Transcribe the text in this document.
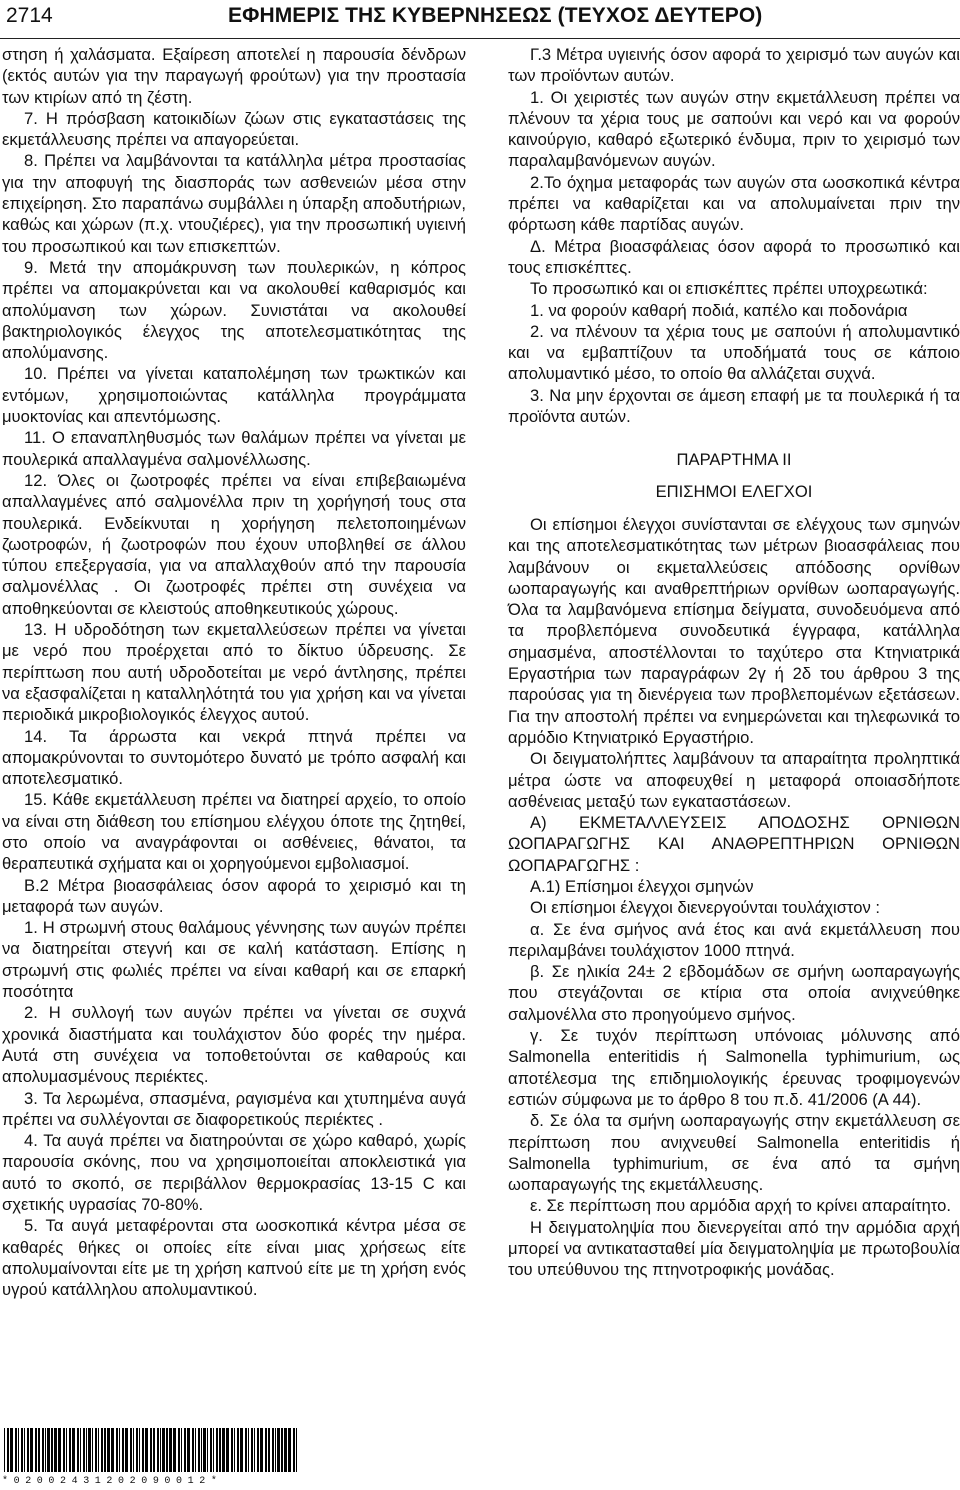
2714	ΕΦΗΜΕΡΙΣ ΤΗΣ ΚΥΒΕΡΝΗΣΕΩΣ (ΤΕΥΧΟΣ ΔΕΥΤΕΡΟ)

στηση ή χαλάσματα. Εξαίρεση αποτελεί η παρουσία δένδρων (εκτός αυτών για την παραγωγή φρούτων) για την προστασία των κτιρίων από τη ζέστη.

7. Η πρόσβαση κατοικιδίων ζώων στις εγκαταστάσεις της εκμετάλλευσης πρέπει να απαγορεύεται.

8. Πρέπει να λαμβάνονται τα κατάλληλα μέτρα προστασίας για την αποφυγή της διασποράς των ασθενειών μέσα στην επιχείρηση. Στο παραπάνω συμβάλλει η ύπαρξη αποδυτήριων, καθώς και χώρων (π.χ. ντουζιέρες), για την προσωπική υγιεινή του προσωπικού και των επισκεπτών.

9. Μετά την απομάκρυνση των πουλερικών, η κόπρος πρέπει να απομακρύνεται και να ακολουθεί καθαρισμός και απολύμανση των χώρων. Συνιστάται να ακολουθεί βακτηριολογικός έλεγχος της αποτελεσματικότητας της απολύμανσης.

10. Πρέπει να γίνεται καταπολέμηση των τρωκτικών και εντόμων, χρησιμοποιώντας κατάλληλα προγράμματα μυοκτονίας και απεντόμωσης.

11. Ο επαναπληθυσμός των θαλάμων πρέπει να γίνεται με πουλερικά απαλλαγμένα σαλμονέλλωσης.

12. Όλες οι ζωοτροφές πρέπει να είναι επιβεβαιωμένα απαλλαγμένες από σαλμονέλλα πριν τη χορήγησή τους στα πουλερικά. Ενδείκνυται η χορήγηση πελετοποιημένων ζωοτροφών, ή ζωοτροφών που έχουν υποβληθεί σε άλλου τύπου επεξεργασία, για να απαλλαχθούν από την παρουσία σαλμονέλλας . Οι ζωοτροφές πρέπει στη συνέχεια να αποθηκεύονται σε κλειστούς αποθηκευτικούς χώρους.

13. Η υδροδότηση των εκμεταλλεύσεων πρέπει να γίνεται με νερό που προέρχεται από το δίκτυο ύδρευσης. Σε περίπτωση που αυτή υδροδοτείται με νερό άντλησης, πρέπει να εξασφαλίζεται η καταλληλότητά του για χρήση και να γίνεται περιοδικά μικροβιολογικός έλεγχος αυτού.

14. Τα άρρωστα και νεκρά πτηνά πρέπει να απομακρύνονται το συντομότερο δυνατό με τρόπο ασφαλή και αποτελεσματικό.

15. Κάθε εκμετάλλευση πρέπει να διατηρεί αρχείο, το οποίο να είναι στη διάθεση του επίσημου ελέγχου όποτε της ζητηθεί, στο οποίο να αναγράφονται οι ασθένειες, θάνατοι, τα θεραπευτικά σχήματα και οι χορηγούμενοι εμβολιασμοί.

Β.2 Μέτρα βιοασφάλειας όσον αφορά το χειρισμό και τη μεταφορά των αυγών.

1. Η στρωμνή στους θαλάμους γέννησης των αυγών πρέπει να διατηρείται στεγνή και σε καλή κατάσταση. Επίσης η στρωμνή στις φωλιές πρέπει να είναι καθαρή και σε επαρκή ποσότητα

2. Η συλλογή των αυγών πρέπει να γίνεται σε συχνά χρονικά διαστήματα και τουλάχιστον δύο φορές την ημέρα. Αυτά στη συνέχεια να τοποθετούνται σε καθαρούς και απολυμασμένους περιέκτες.

3. Τα λερωμένα, σπασμένα, ραγισμένα και χτυπημένα αυγά πρέπει να συλλέγονται σε διαφορετικούς περιέκτες .

4. Τα αυγά πρέπει να διατηρούνται σε χώρο καθαρό, χωρίς παρουσία σκόνης, που να χρησιμοποιείται αποκλειστικά για αυτό το σκοπό, σε περιβάλλον θερμοκρασίας 13-15 C και σχετικής υγρασίας 70-80%.

5. Τα αυγά μεταφέρονται στα ωοσκοπικά κέντρα μέσα σε καθαρές θήκες οι οποίες είτε είναι μιας χρήσεως είτε απολυμαίνονται είτε με τη χρήση καπνού είτε με τη χρήση ενός υγρού κατάλληλου απολυμαντικού.

Γ.3 Μέτρα υγιεινής όσον αφορά το χειρισμό των αυγών και των προϊόντων αυτών.

1. Οι χειριστές των αυγών στην εκμετάλλευση πρέπει να πλένουν τα χέρια τους με σαπούνι και νερό και να φορούν καινούργιο, καθαρό εξωτερικό ένδυμα, πριν το χειρισμό των παραλαμβανόμενων αυγών.

2.Το όχημα μεταφοράς των αυγών στα ωοσκοπικά κέντρα πρέπει να καθαρίζεται και να απολυμαίνεται πριν την φόρτωση κάθε παρτίδας αυγών.

Δ. Μέτρα βιοασφάλειας όσον αφορά το προσωπικό και τους επισκέπτες.

Το προσωπικό και οι επισκέπτες πρέπει υποχρεωτικά:

1. να φορούν καθαρή ποδιά, καπέλο και ποδονάρια

2. να πλένουν τα χέρια τους με σαπούνι ή απολυμαντικό και να εμβαπτίζουν τα υποδήματά τους σε κάποιο απολυμαντικό μέσο, το οποίο θα αλλάζεται συχνά.

3. Να μην έρχονται σε άμεση επαφή με τα πουλερικά ή τα προϊόντα αυτών.

ΠΑΡΑΡΤΗΜΑ ΙΙ
ΕΠΙΣΗΜΟΙ ΕΛΕΓΧΟΙ

Οι επίσημοι έλεγχοι συνίστανται σε ελέγχους των σμηνών και της αποτελεσματικότητας των μέτρων βιοασφάλειας που λαμβάνουν οι εκμεταλλεύσεις απόδοσης ορνίθων ωοπαραγωγής και αναθρεπτήριων ορνίθων ωοπαραγωγής. Όλα τα λαμβανόμενα επίσημα δείγματα, συνοδευόμενα από τα προβλεπόμενα συνοδευτικά έγγραφα, κατάλληλα σημασμένα, αποστέλλονται το ταχύτερο στα Κτηνιατρικά Εργαστήρια των παραγράφων 2γ ή 2δ του άρθρου 3 της παρούσας για τη διενέργεια των προβλεπομένων εξετάσεων. Για την αποστολή πρέπει να ενημερώνεται και τηλεφωνικά το αρμόδιο Κτηνιατρικό Εργαστήριο.

Οι δειγματολήπτες λαμβάνουν τα απαραίτητα προληπτικά μέτρα ώστε να αποφευχθεί η μεταφορά οποιασδήποτε ασθένειας μεταξύ των εγκαταστάσεων.

Α) ΕΚΜΕΤΑΛΛΕΥΣΕΙΣ ΑΠΟΔΟΣΗΣ ΟΡΝΙΘΩΝ ΩΟΠΑΡΑΓΩΓΗΣ ΚΑΙ ΑΝΑΘΡΕΠΤΗΡΙΩΝ ΟΡΝΙΘΩΝ ΩΟΠΑΡΑΓΩΓΗΣ :

Α.1) Επίσημοι έλεγχοι σμηνών

Οι επίσημοι έλεγχοι διενεργούνται τουλάχιστον :

α. Σε ένα σμήνος ανά έτος και ανά εκμετάλλευση που περιλαμβάνει τουλάχιστον 1000 πτηνά.

β. Σε ηλικία 24± 2 εβδομάδων σε σμήνη ωοπαραγωγής που στεγάζονται σε κτίρια στα οποία ανιχνεύθηκε σαλμονέλλα στο προηγούμενο σμήνος.

γ. Σε τυχόν περίπτωση υπόνοιας μόλυνσης από Salmonella enteritidis ή Salmonella typhimurium, ως αποτέλεσμα της επιδημιολογικής έρευνας τροφιμογενών εστιών σύμφωνα με το άρθρο 8 του π.δ. 41/2006 (Α 44).

δ. Σε όλα τα σμήνη ωοπαραγωγής στην εκμετάλλευση σε περίπτωση που ανιχνευθεί Salmonella enteritidis ή Salmonella typhimurium, σε ένα από τα σμήνη ωοπαραγωγής της εκμετάλλευσης.

ε. Σε περίπτωση που αρμόδια αρχή το κρίνει απαραίτητο.

Η δειγματοληψία που διενεργείται από την αρμόδια αρχή μπορεί να αντικατασταθεί μία δειγματοληψία με πρωτοβουλία του υπεύθυνου της πτηνοτροφικής μονάδας.

*02002431202090012*
